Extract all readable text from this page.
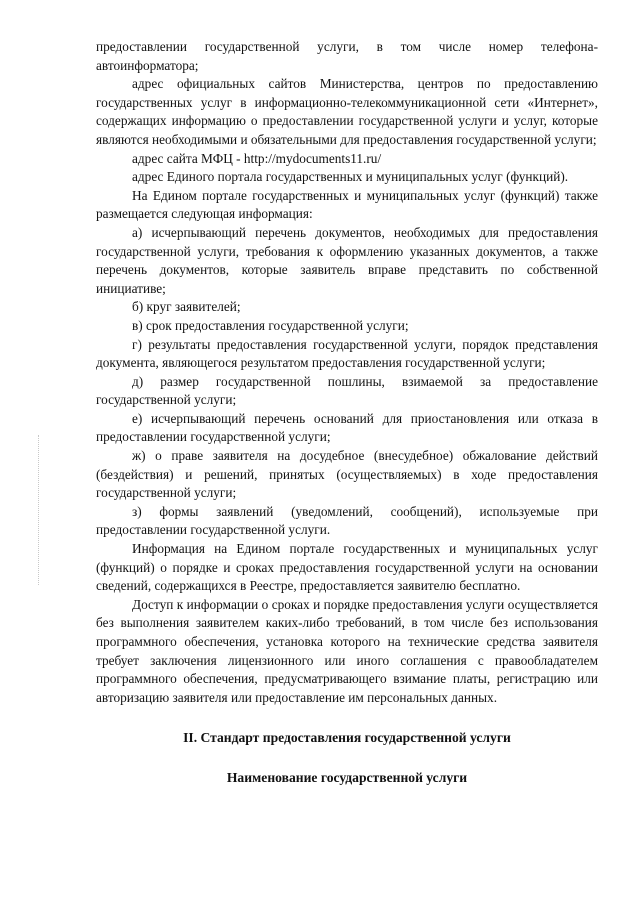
предоставлении государственной услуги, в том числе номер телефона-автоинформатора;

адрес официальных сайтов Министерства, центров по предоставлению государственных услуг в информационно-телекоммуникационной сети «Интернет», содержащих информацию о предоставлении государственной услуги и услуг, которые являются необходимыми и обязательными для предоставления государственной услуги;

адрес сайта МФЦ - http://mydocuments11.ru/

адрес Единого портала государственных и муниципальных услуг (функций).

На Едином портале государственных и муниципальных услуг (функций) также размещается следующая информация:

а) исчерпывающий перечень документов, необходимых для предоставления государственной услуги, требования к оформлению указанных документов, а также перечень документов, которые заявитель вправе представить по собственной инициативе;

б) круг заявителей;

в) срок предоставления государственной услуги;

г) результаты предоставления государственной услуги, порядок представления документа, являющегося результатом предоставления государственной услуги;

д) размер государственной пошлины, взимаемой за предоставление государственной услуги;

е) исчерпывающий перечень оснований для приостановления или отказа в предоставлении государственной услуги;

ж) о праве заявителя на досудебное (внесудебное) обжалование действий (бездействия) и решений, принятых (осуществляемых) в ходе предоставления государственной услуги;

з) формы заявлений (уведомлений, сообщений), используемые при предоставлении государственной услуги.

Информация на Едином портале государственных и муниципальных услуг (функций) о порядке и сроках предоставления государственной услуги на основании сведений, содержащихся в Реестре, предоставляется заявителю бесплатно.

Доступ к информации о сроках и порядке предоставления услуги осуществляется без выполнения заявителем каких-либо требований, в том числе без использования программного обеспечения, установка которого на технические средства заявителя требует заключения лицензионного или иного соглашения с правообладателем программного обеспечения, предусматривающего взимание платы, регистрацию или авторизацию заявителя или предоставление им персональных данных.

II. Стандарт предоставления государственной услуги

Наименование государственной услуги
